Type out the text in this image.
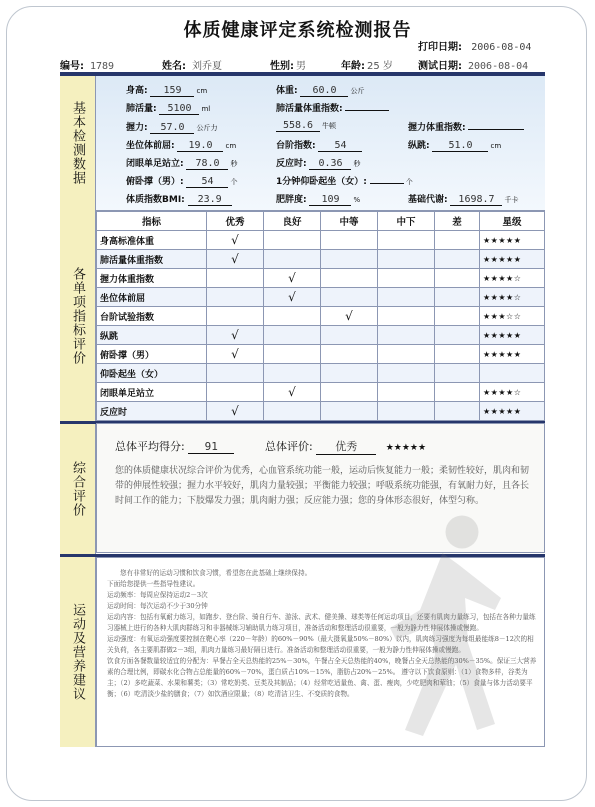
体质健康评定系统检测报告
打印日期: 2006-08-04
编号: 1789	姓名: 刘乔夏	性别: 男	年龄: 25 岁	测试日期: 2006-08-04
基本检测数据
各单项指标评价
综合评价
运动及营养建议
身高: 159 cm	体重: 60.0 公斤
肺活量: 5100 ml	肺活量体重指数:
握力: 57.0 公斤力	558.6 牛顿	握力体重指数:
坐位体前屈: 19.0 cm	台阶指数: 54	纵跳: 51.0	cm
闭眼单足站立: 78.0 秒	反应时: 0.36 秒
俯卧撑（男）: 54 个	1分钟仰卧起坐（女）:	个
体质指数BMI: 23.9	肥胖度: 109 %	基础代谢: 1698.7 千卡
指标	优秀	良好	中等	中下	差	星级
身高标准体重	√					★★★★★
肺活量体重指数	√					★★★★★
握力体重指数		√				★★★★☆
坐位体前屈		√				★★★★☆
台阶试验指数			√			★★★☆☆
纵跳	√					★★★★★
俯卧撑（男）	√					★★★★★
仰卧起坐（女）						
闭眼单足站立		√				★★★★☆
反应时	√					★★★★★
总体平均得分: 91	总体评价: 优秀	★★★★★
您的体质健康状况综合评价为优秀，心血管系统功能一般，运动后恢复能力一般；柔韧性较好，肌肉和韧带的伸展性较强；握力水平较好，肌肉力量较强；平衡能力较强；呼吸系统功能强，有氧耐力好，且各长时间工作的能力；下肢爆发力强；肌肉耐力强；反应能力强；您的身体形态很好，体型匀称。
您有非常好的运动习惯和饮食习惯，希望您在此基础上继续保持。
下面给您提供一些指导性建议。
运动频率：每周应保持运动2－3次
运动时间：每次运动不少于30分钟
运动内容：包括有氧耐力练习，如跑步、登台阶、骑自行车、游泳、武术、健美操、球类等任何运动项目，还要有肌肉力量练习，包括在各种力量练习器械上进行的各种大肌肉群练习和非器械练习辅助肌力练习项目，准备活动和整理活动很重要，一般为静力性伸展体操或慢跑。
运动强度：有氧运动强度要控制在靶心率（220－年龄）的60%－90%（最大摄氧量50%－80%）以内，肌肉练习强度为每组最能练8－12次的相关负荷，各主要肌群做2－3组，肌肉力量练习最好隔日进行。准备活动和整理活动很重要，一般为静力性伸展体操或慢跑。
饮食方面各餐数量较适宜的分配为：早餐占全天总热能的25%－30%，午餐占全天总热能的40%，晚餐占全天总热能的30%－35%。保证三大营养素的合理比例，即碳水化合物占总能量的60%－70%，蛋白质占10%－15%，脂肪占20%－25%。 遵守以下饮食原则：（1）食物多样，谷类为主；（2）多吃蔬菜、水果和薯类；（3）常吃奶类、豆类及其制品；（4）经常吃适量鱼、禽、蛋、瘦肉，少吃肥肉和荤油；（5）食量与体力活动要平衡；（6）吃清淡少盐的膳食；（7）如饮酒应限量；（8）吃清洁卫生、不变质的食物。
